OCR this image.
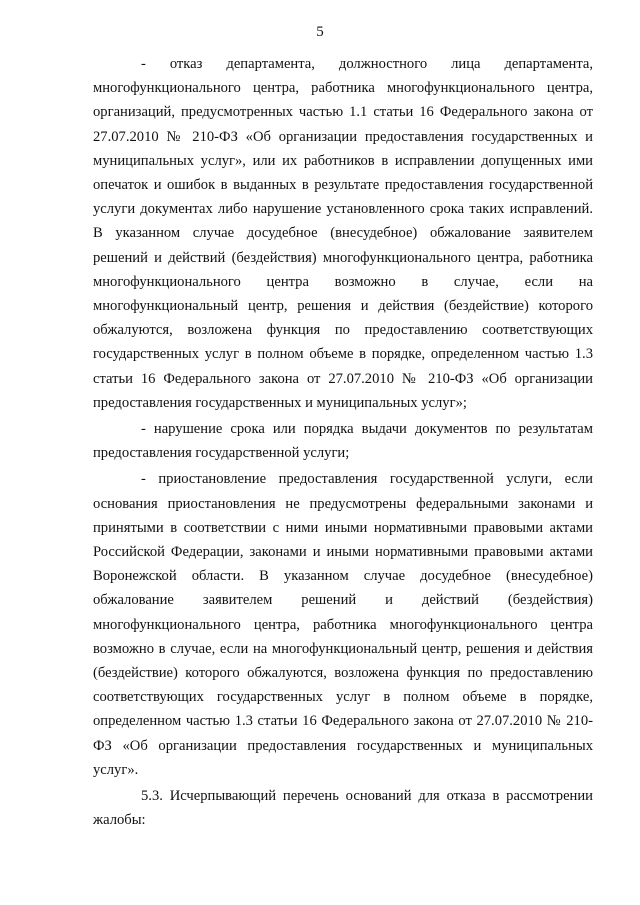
5

- отказ департамента, должностного лица департамента, многофункционального центра, работника многофункционального центра, организаций, предусмотренных частью 1.1 статьи 16 Федерального закона от 27.07.2010 № 210-ФЗ «Об организации предоставления государственных и муниципальных услуг», или их работников в исправлении допущенных ими опечаток и ошибок в выданных в результате предоставления государственной услуги документах либо нарушение установленного срока таких исправлений. В указанном случае досудебное (внесудебное) обжалование заявителем решений и действий (бездействия) многофункционального центра, работника многофункционального центра возможно в случае, если на многофункциональный центр, решения и действия (бездействие) которого обжалуются, возложена функция по предоставлению соответствующих государственных услуг в полном объеме в порядке, определенном частью 1.3 статьи 16 Федерального закона от 27.07.2010 № 210-ФЗ «Об организации предоставления государственных и муниципальных услуг»;

- нарушение срока или порядка выдачи документов по результатам предоставления государственной услуги;

- приостановление предоставления государственной услуги, если основания приостановления не предусмотрены федеральными законами и принятыми в соответствии с ними иными нормативными правовыми актами Российской Федерации, законами и иными нормативными правовыми актами Воронежской области. В указанном случае досудебное (внесудебное) обжалование заявителем решений и действий (бездействия) многофункционального центра, работника многофункционального центра возможно в случае, если на многофункциональный центр, решения и действия (бездействие) которого обжалуются, возложена функция по предоставлению соответствующих государственных услуг в полном объеме в порядке, определенном частью 1.3 статьи 16 Федерального закона от 27.07.2010 № 210-ФЗ «Об организации предоставления государственных и муниципальных услуг».

5.3. Исчерпывающий перечень оснований для отказа в рассмотрении жалобы:
